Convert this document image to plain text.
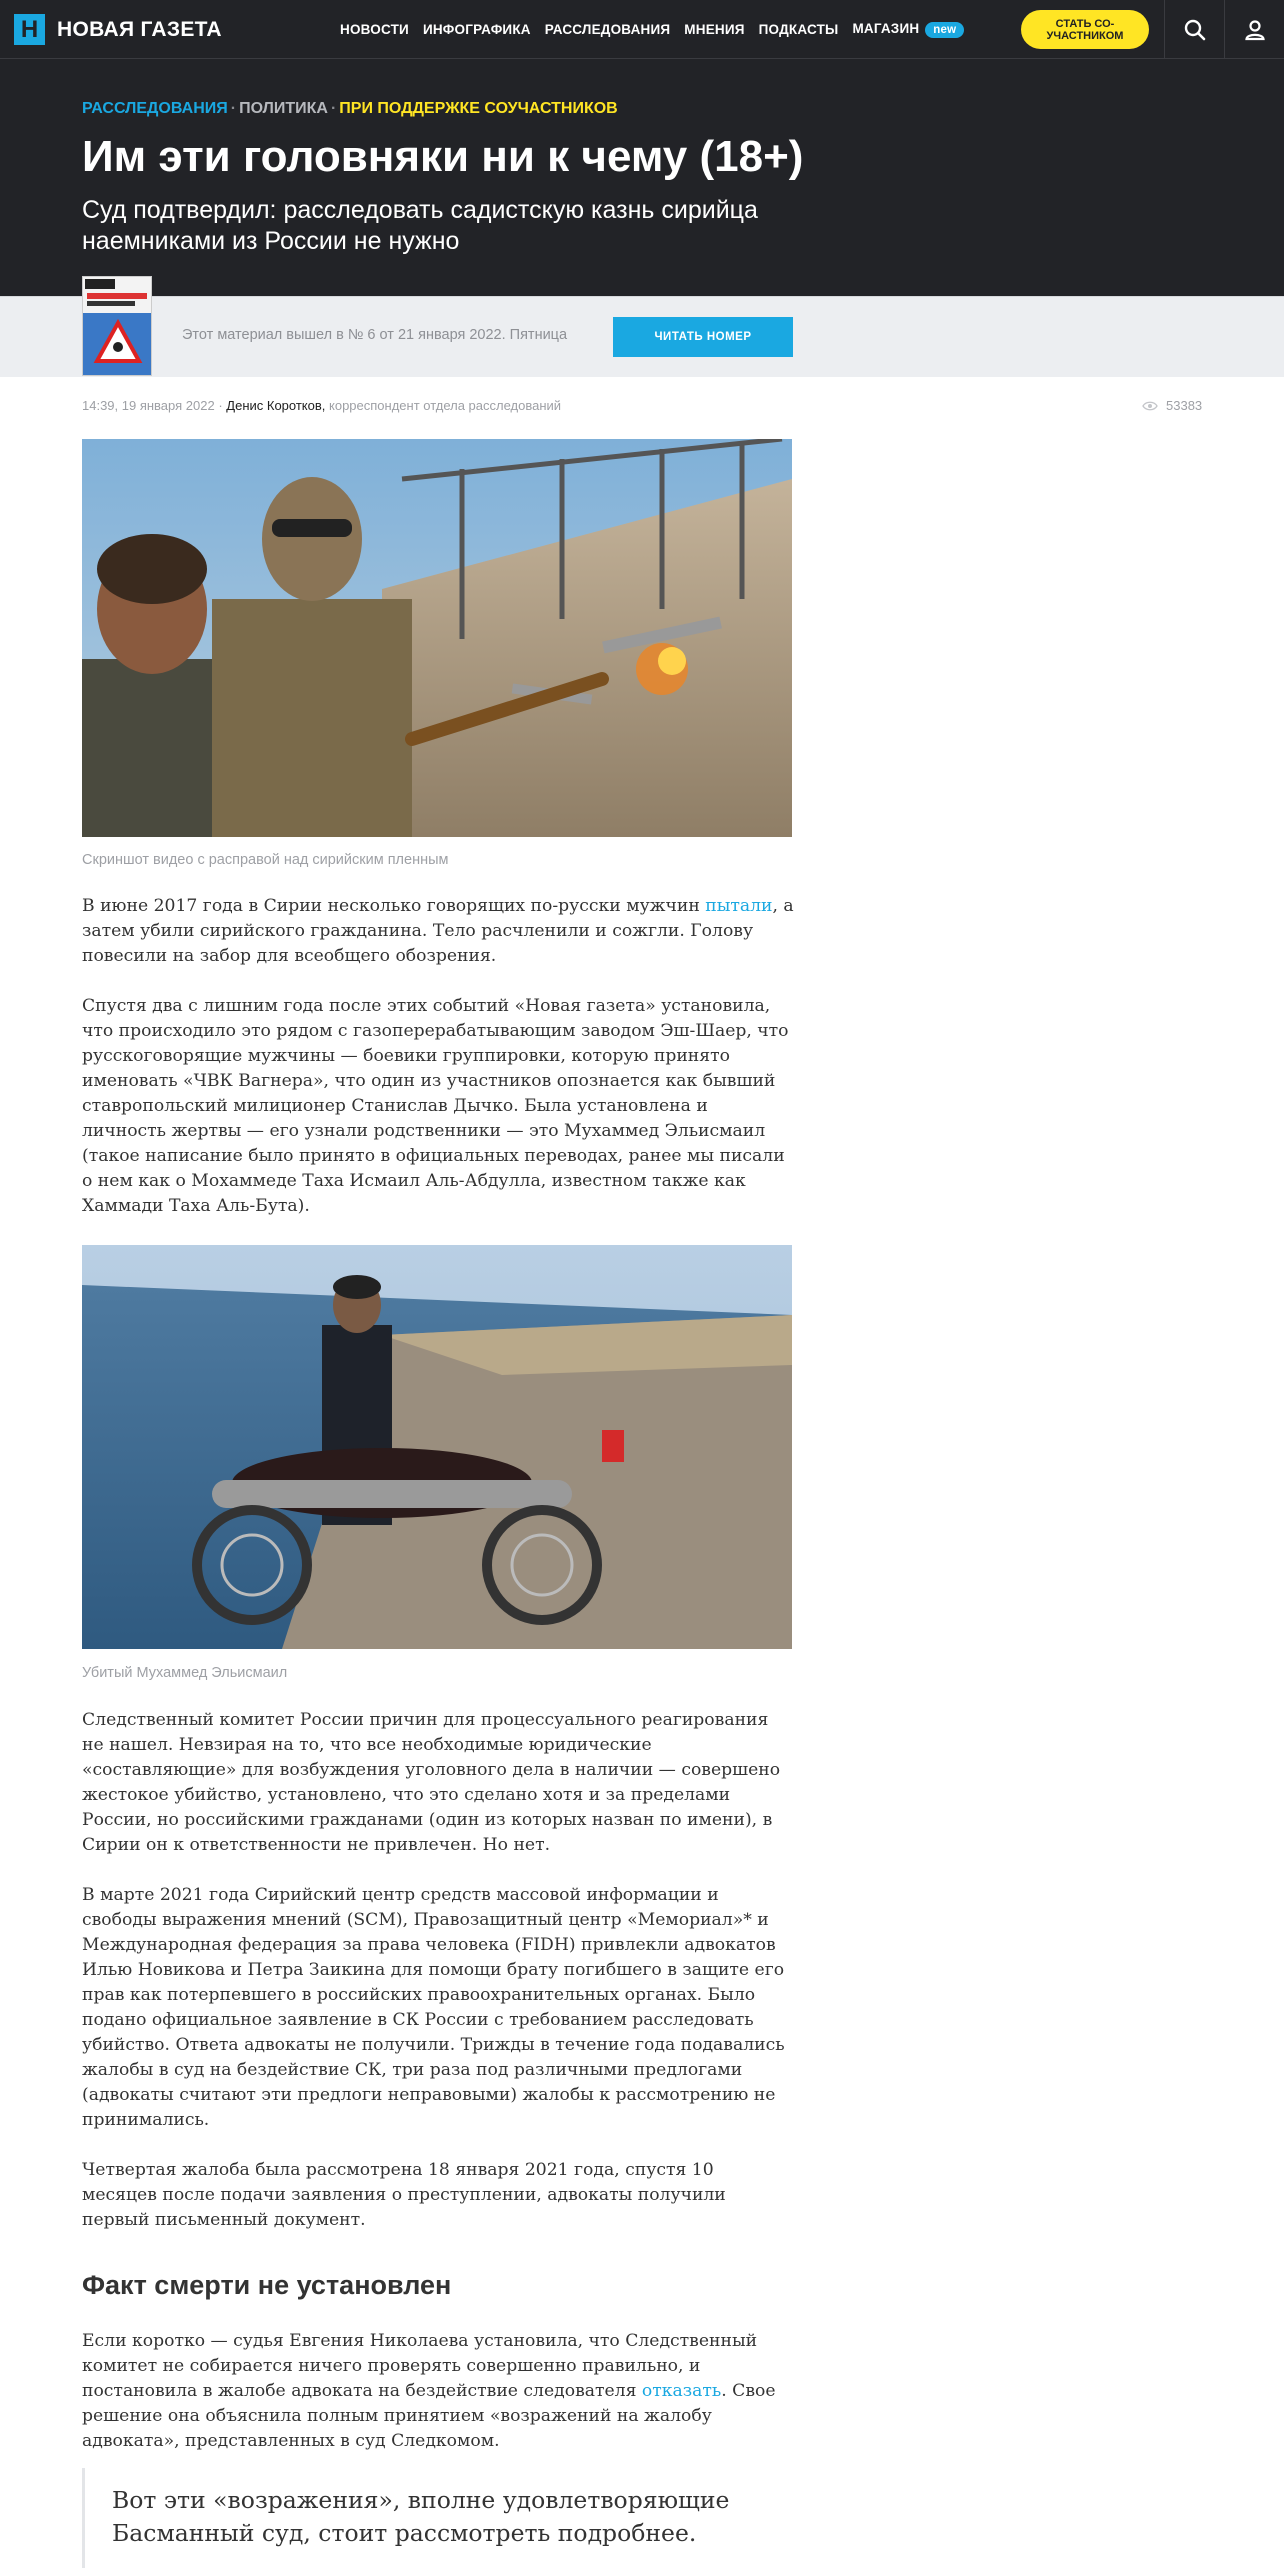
Н НОВАЯ ГАЗЕТА	НОВОСТИ ИНФОГРАФИКА РАССЛЕДОВАНИЯ МНЕНИЯ ПОДКАСТЫ МАГАЗИН new
СТАТЬ СО-УЧАСТНИКОМ
РАССЛЕДОВАНИЯ · ПОЛИТИКА · ПРИ ПОДДЕРЖКЕ СОУЧАСТНИКОВ
Им эти головняки ни к чему (18+)
Суд подтвердил: расследовать садистскую казнь сирийца наемниками из России не нужно
Этот материал вышел в № 6 от 21 января 2022. Пятница	ЧИТАТЬ НОМЕР
14:39, 19 января 2022 · Денис Коротков, корреспондент отдела расследований	53383
Скриншот видео с расправой над сирийским пленным

В июне 2017 года в Сирии несколько говорящих по-русски мужчин пытали, а затем убили сирийского гражданина. Тело расчленили и сожгли. Голову повесили на забор для всеобщего обозрения.

Спустя два с лишним года после этих событий «Новая газета» установила, что происходило это рядом с газоперерабатывающим заводом Эш-Шаер, что русскоговорящие мужчины — боевики группировки, которую принято именовать «ЧВК Вагнера», что один из участников опознается как бывший ставропольский милиционер Станислав Дычко. Была установлена и личность жертвы — его узнали родственники — это Мухаммед Эльисмаил (такое написание было принято в официальных переводах, ранее мы писали о нем как о Мохаммеде Таха Исмаил Аль-Абдулла, известном также как Хаммади Таха Аль-Бута).

Убитый Мухаммед Эльисмаил

Следственный комитет России причин для процессуального реагирования не нашел. Невзирая на то, что все необходимые юридические «составляющие» для возбуждения уголовного дела в наличии — совершено жестокое убийство, установлено, что это сделано хотя и за пределами России, но российскими гражданами (один из которых назван по имени), в Сирии он к ответственности не привлечен. Но нет.

В марте 2021 года Сирийский центр средств массовой информации и свободы выражения мнений (SCM), Правозащитный центр «Мемориал»* и Международная федерация за права человека (FIDH) привлекли адвокатов Илью Новикова и Петра Заикина для помощи брату погибшего в защите его прав как потерпевшего в российских правоохранительных органах. Было подано официальное заявление в СК России с требованием расследовать убийство. Ответа адвокаты не получили. Трижды в течение года подавались жалобы в суд на бездействие СК, три раза под различными предлогами (адвокаты считают эти предлоги неправовыми) жалобы к рассмотрению не принимались.

Четвертая жалоба была рассмотрена 18 января 2021 года, спустя 10 месяцев после подачи заявления о преступлении, адвокаты получили первый письменный документ.

Факт смерти не установлен

Если коротко — судья Евгения Николаева установила, что Следственный комитет не собирается ничего проверять совершенно правильно, и постановила в жалобе адвоката на бездействие следователя отказать. Свое решение она объяснила полным принятием «возражений на жалобу адвоката», представленных в суд Следкомом.

Вот эти «возражения», вполне удовлетворяющие Басманный суд, стоит рассмотреть подробнее.
